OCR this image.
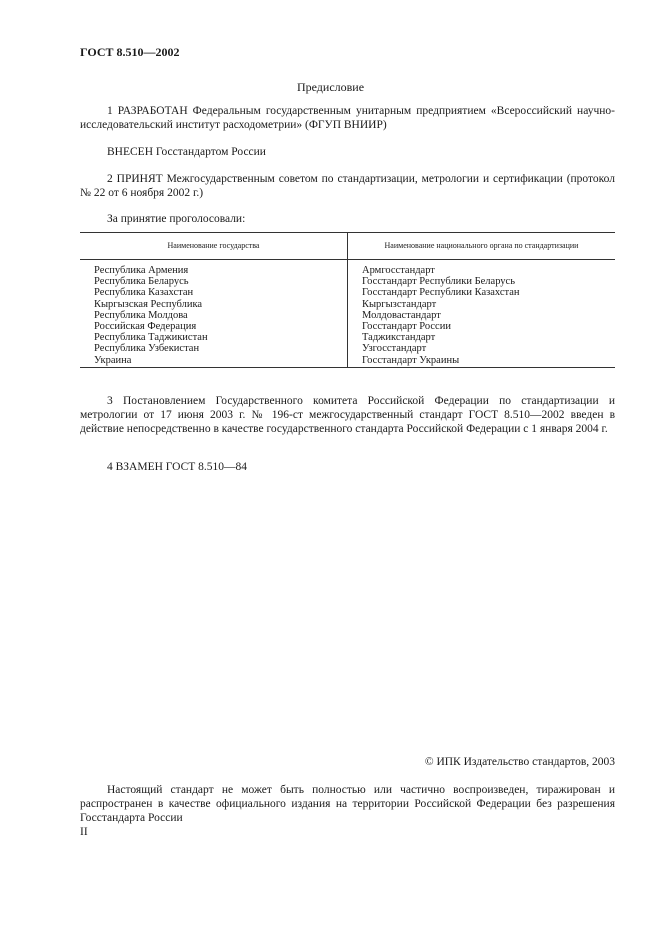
ГОСТ 8.510—2002
Предисловие
1 РАЗРАБОТАН Федеральным государственным унитарным предприятием «Всероссийский научно-исследовательский институт расходометрии» (ФГУП ВНИИР)
ВНЕСЕН Госстандартом России
2 ПРИНЯТ Межгосударственным советом по стандартизации, метрологии и сертификации (протокол № 22 от 6 ноября 2002 г.)
За принятие проголосовали:
Наименование государства	Наименование национального органа по стандартизации
Республика Армения
Республика Беларусь
Республика Казахстан
Кыргызская Республика
Республика Молдова
Российская Федерация
Республика Таджикистан
Республика Узбекистан
Украина
Армгосстандарт
Госстандарт Республики Беларусь
Госстандарт Республики Казахстан
Кыргызстандарт
Молдовастандарт
Госстандарт России
Таджикстандарт
Узгосстандарт
Госстандарт Украины
3 Постановлением Государственного комитета Российской Федерации по стандартизации и метрологии от 17 июня 2003 г. № 196-ст межгосударственный стандарт ГОСТ 8.510—2002 введен в действие непосредственно в качестве государственного стандарта Российской Федерации с 1 января 2004 г.
4 ВЗАМЕН ГОСТ 8.510—84
© ИПК Издательство стандартов, 2003
Настоящий стандарт не может быть полностью или частично воспроизведен, тиражирован и распространен в качестве официального издания на территории Российской Федерации без разрешения Госстандарта России
II
